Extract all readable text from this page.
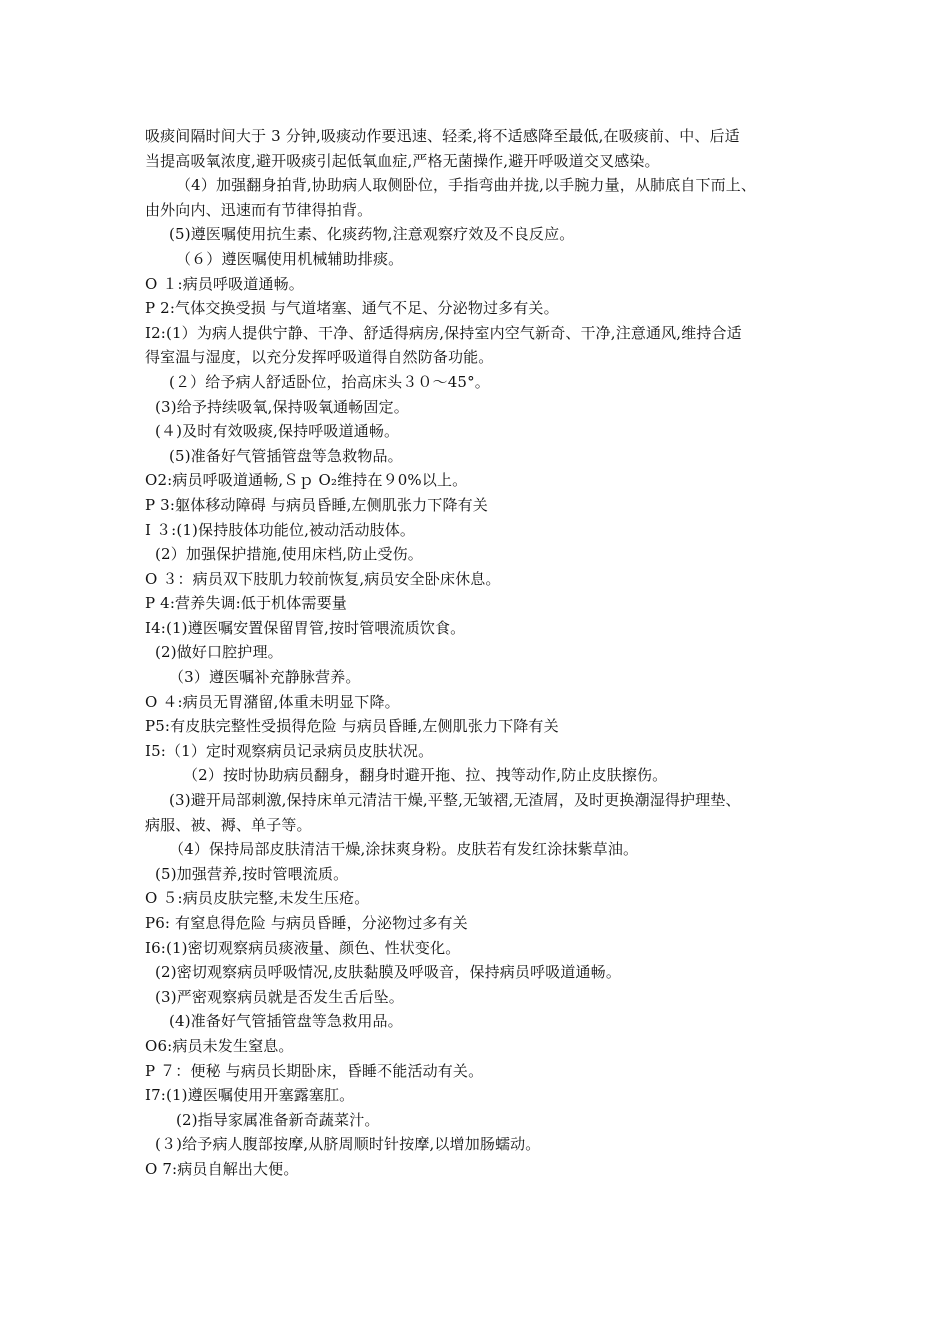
吸痰间隔时间大于 3 分钟,吸痰动作要迅速、轻柔,将不适感降至最低,在吸痰前、中、后适
当提高吸氧浓度,避开吸痰引起低氧血症,严格无菌操作,避开呼吸道交叉感染。
（4）加强翻身拍背,协助病人取侧卧位，手指弯曲并拢,以手腕力量，从肺底自下而上、
由外向内、迅速而有节律得拍背。
(5)遵医嘱使用抗生素、化痰药物,注意观察疗效及不良反应。
（６）遵医嘱使用机械辅助排痰。
O １:病员呼吸道通畅。
P 2:气体交换受损 与气道堵塞、通气不足、分泌物过多有关。
I2:(1）为病人提供宁静、干净、舒适得病房,保持室内空气新奇、干净,注意通风,维持合适
得室温与湿度，以充分发挥呼吸道得自然防备功能。
(２）给予病人舒适卧位，抬高床头３０～45°。
(3)给予持续吸氧,保持吸氧通畅固定。
(４)及时有效吸痰,保持呼吸道通畅。
(5)准备好气管插管盘等急救物品。
O2:病员呼吸道通畅,Ｓｐ O₂维持在９0%以上。
P 3:躯体移动障碍 与病员昏睡,左侧肌张力下降有关
I ３:(1)保持肢体功能位,被动活动肢体。
(2）加强保护措施,使用床档,防止受伤。
O ３：病员双下肢肌力较前恢复,病员安全卧床休息。
P 4:营养失调:低于机体需要量
I4:(1)遵医嘱安置保留胃管,按时管喂流质饮食。
(2)做好口腔护理。
（3）遵医嘱补充静脉营养。
O ４:病员无胃潴留,体重未明显下降。
P5:有皮肤完整性受损得危险 与病员昏睡,左侧肌张力下降有关
I5:（1）定时观察病员记录病员皮肤状况。
（2）按时协助病员翻身，翻身时避开拖、拉、拽等动作,防止皮肤擦伤。
(3)避开局部刺激,保持床单元清洁干燥,平整,无皱褶,无渣屑，及时更换潮湿得护理垫、
病服、被、褥、单子等。
（4）保持局部皮肤清洁干燥,涂抹爽身粉。皮肤若有发红涂抹紫草油。
(5)加强营养,按时管喂流质。
O ５:病员皮肤完整,未发生压疮。
P6: 有窒息得危险 与病员昏睡，分泌物过多有关
I6:(1)密切观察病员痰液量、颜色、性状变化。
(2)密切观察病员呼吸情况,皮肤黏膜及呼吸音，保持病员呼吸道通畅。
(3)严密观察病员就是否发生舌后坠。
(4)准备好气管插管盘等急救用品。
O6:病员未发生窒息。
P ７：便秘 与病员长期卧床，昏睡不能活动有关。
I7:(1)遵医嘱使用开塞露塞肛。
(2)指导家属准备新奇蔬菜汁。
(３)给予病人腹部按摩,从脐周顺时针按摩,以增加肠蠕动。
O 7:病员自解出大便。
